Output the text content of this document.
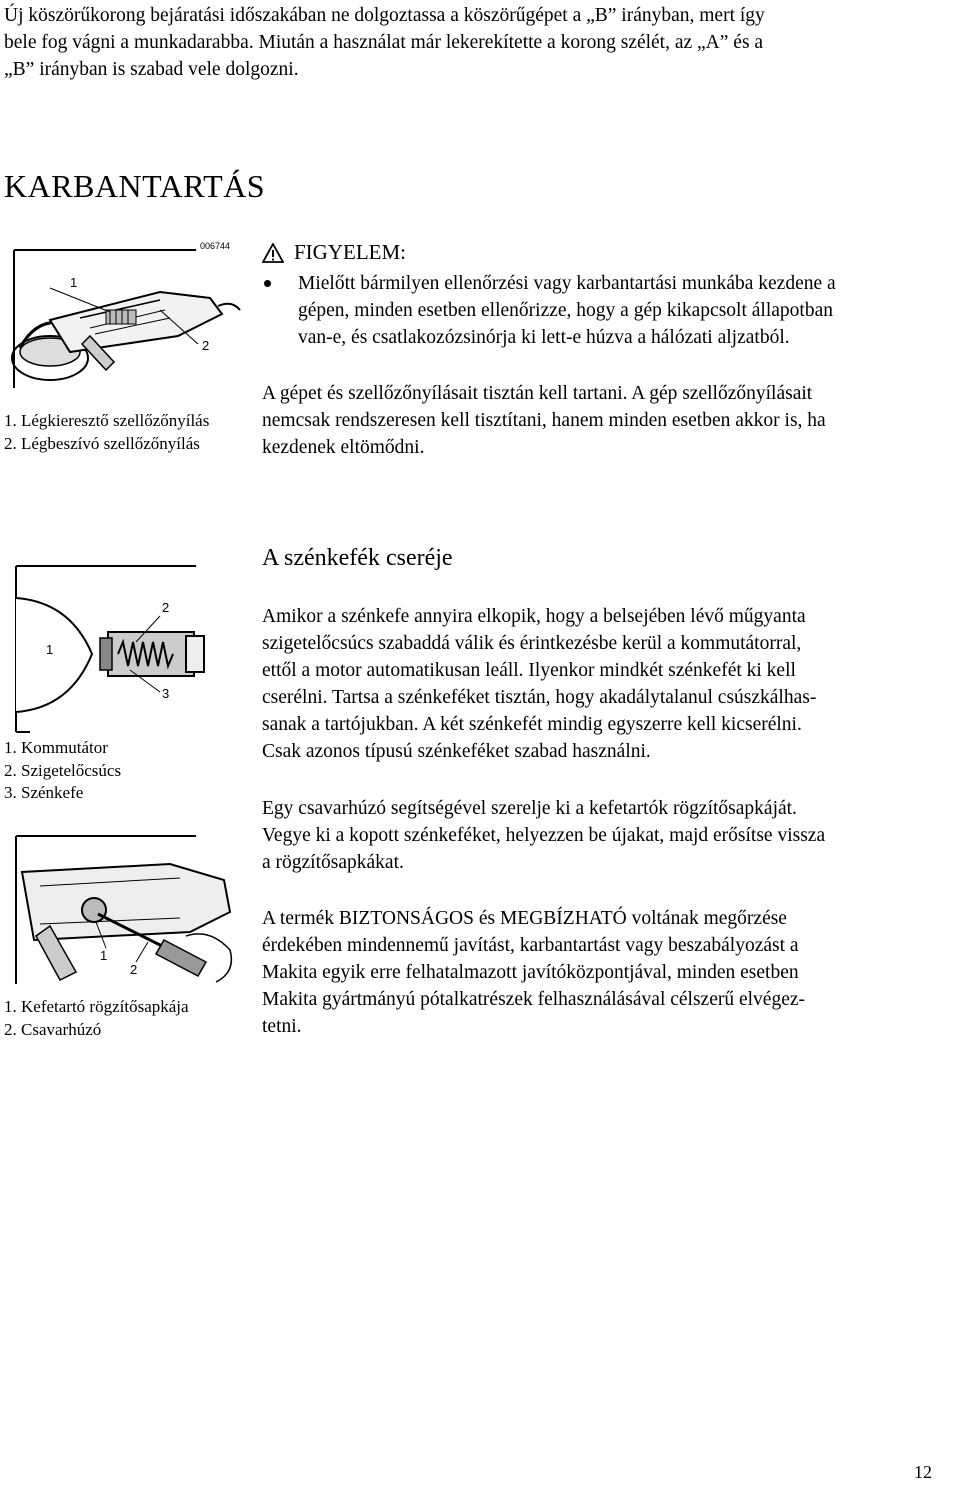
Új köszörűkorong bejáratási időszakában ne dolgoztassa a köszörűgépet a „B” irányban, mert így
bele fog vágni a munkadarabba. Miután a használat már lekerekítette a korong szélét, az „A” és a
„B” irányban is szabad vele dolgozni.
KARBANTARTÁS
006744
1
2
1. Légkieresztő szellőzőnyílás
2. Légbeszívó szellőzőnyílás
FIGYELEM:
Mielőtt bármilyen ellenőrzési vagy karbantartási munkába kezdene a
gépen, minden esetben ellenőrizze, hogy a gép kikapcsolt állapotban
van-e, és csatlakozózsinórja ki lett-e húzva a hálózati aljzatból.
A gépet és szellőzőnyílásait tisztán kell tartani. A gép szellőzőnyílásait
nemcsak rendszeresen kell tisztítani, hanem minden esetben akkor is, ha
kezdenek eltömődni.
A szénkefék cseréje
2
1
3
1. Kommutátor
2. Szigetelőcsúcs
3. Szénkefe
Amikor a szénkefe annyira elkopik, hogy a belsejében lévő műgyanta
szigetelőcsúcs szabaddá válik és érintkezésbe kerül a kommutátorral,
ettől a motor automatikusan leáll. Ilyenkor mindkét szénkefét ki kell
cserélni. Tartsa a szénkeféket tisztán, hogy akadálytalanul csúszkálhas-
sanak a tartójukban. A két szénkefét mindig egyszerre kell kicserélni.
Csak azonos típusú szénkeféket szabad használni.
1
2
1. Kefetartó rögzítősapkája
2. Csavarhúzó
Egy csavarhúzó segítségével szerelje ki a kefetartók rögzítősapkáját.
Vegye ki a kopott szénkeféket, helyezzen be újakat, majd erősítse vissza
a rögzítősapkákat.
A termék BIZTONSÁGOS és MEGBÍZHATÓ voltának megőrzése
érdekében mindennemű javítást, karbantartást vagy beszabályozást a
Makita egyik erre felhatalmazott javítóközpontjával, minden esetben
Makita gyártmányú pótalkatrészek felhasználásával célszerű elvégez-
tetni.
12
